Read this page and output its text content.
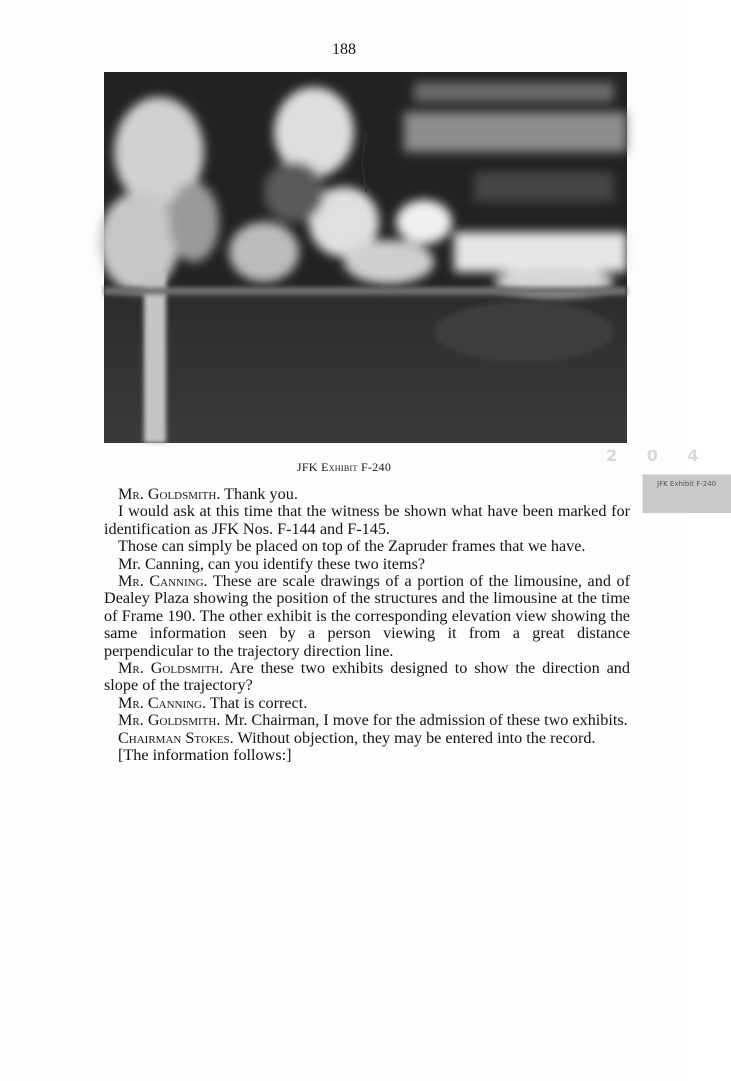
188
2 0 4
JFK Exhibit F-240
JFK Exhibit F-240

Mr. Goldsmith. Thank you.

I would ask at this time that the witness be shown what have been marked for identification as JFK Nos. F-144 and F-145.

Those can simply be placed on top of the Zapruder frames that we have.

Mr. Canning, can you identify these two items?

Mr. Canning. These are scale drawings of a portion of the limousine, and of Dealey Plaza showing the position of the structures and the limousine at the time of Frame 190. The other exhibit is the corresponding elevation view showing the same information seen by a person viewing it from a great distance perpendicular to the trajectory direction line.

Mr. Goldsmith. Are these two exhibits designed to show the direction and slope of the trajectory?

Mr. Canning. That is correct.

Mr. Goldsmith. Mr. Chairman, I move for the admission of these two exhibits.

Chairman Stokes. Without objection, they may be entered into the record.

[The information follows:]
